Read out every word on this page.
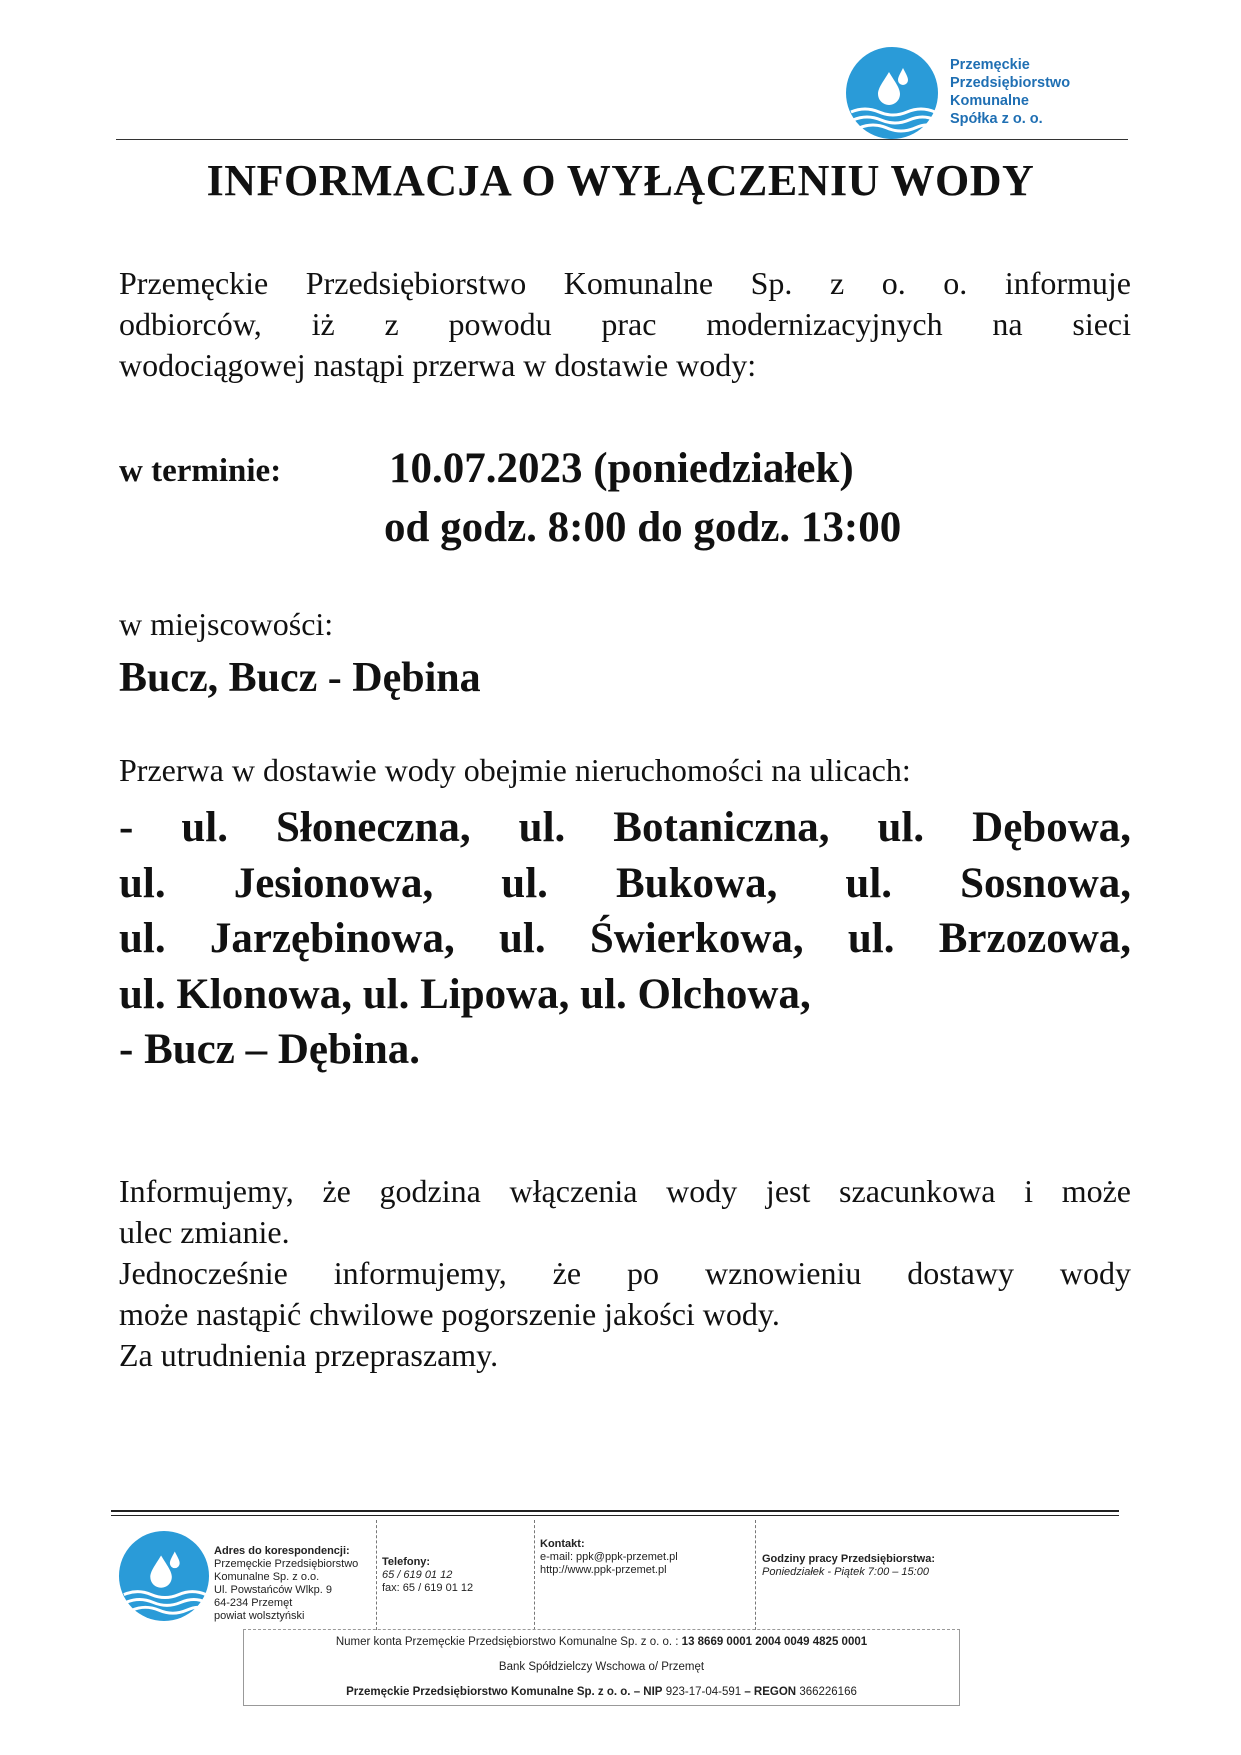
Przemęckie
Przedsiębiorstwo
Komunalne
Spółka z o. o.
INFORMACJA O WYŁĄCZENIU WODY
Przemęckie Przedsiębiorstwo Komunalne Sp. z o. o. informuje
odbiorców, iż z powodu prac modernizacyjnych na sieci
wodociągowej nastąpi przerwa w dostawie wody:
w terminie:	10.07.2023 (poniedziałek)
od godz. 8:00 do godz. 13:00
w miejscowości:
Bucz, Bucz - Dębina
Przerwa w dostawie wody obejmie nieruchomości na ulicach:
- ul. Słoneczna, ul. Botaniczna, ul. Dębowa,
ul. Jesionowa, ul. Bukowa, ul. Sosnowa,
ul. Jarzębinowa, ul. Świerkowa, ul. Brzozowa,
ul. Klonowa, ul. Lipowa, ul. Olchowa,
- Bucz – Dębina.
Informujemy, że godzina włączenia wody jest szacunkowa i może
ulec zmianie.
Jednocześnie informujemy, że po wznowieniu dostawy wody
może nastąpić chwilowe pogorszenie jakości wody.
Za utrudnienia przepraszamy.
Adres do korespondencji:
Przemęckie Przedsiębiorstwo
Komunalne Sp. z o.o.
Ul. Powstańców Wlkp. 9
64-234 Przemęt
powiat wolsztyński
Telefony:
65 / 619 01 12
fax: 65 / 619 01 12
Kontakt:
e-mail: ppk@ppk-przemet.pl
http://www.ppk-przemet.pl
Godziny pracy Przedsiębiorstwa:
Poniedziałek - Piątek 7:00 – 15:00
Numer konta Przemęckie Przedsiębiorstwo Komunalne Sp. z o. o. : 13 8669 0001 2004 0049 4825 0001
Bank Spółdzielczy Wschowa o/ Przemęt
Przemęckie Przedsiębiorstwo Komunalne Sp. z o. o. – NIP 923-17-04-591 – REGON 366226166
